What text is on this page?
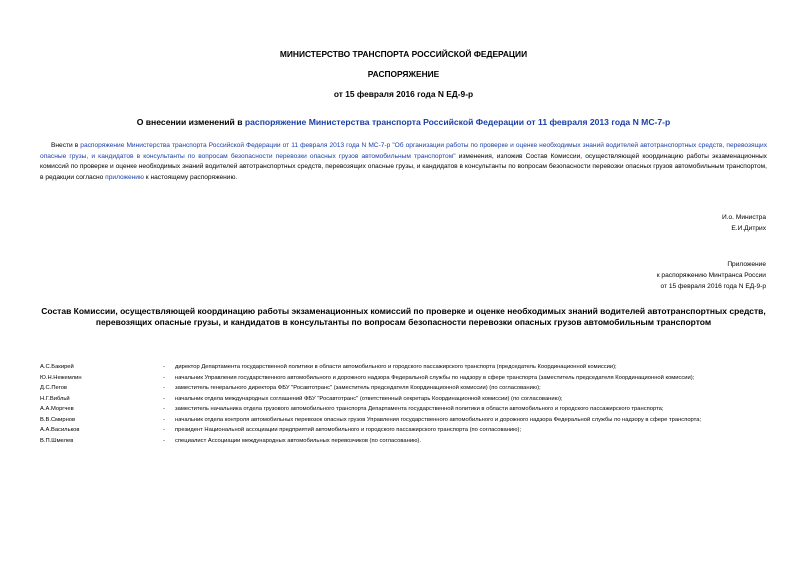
МИНИСТЕРСТВО ТРАНСПОРТА РОССИЙСКОЙ ФЕДЕРАЦИИ
РАСПОРЯЖЕНИЕ
от 15 февраля 2016 года N ЕД-9-р
О внесении изменений в распоряжение Министерства транспорта Российской Федерации от 11 февраля 2013 года N МС-7-р
Внести в распоряжение Министерства транспорта Российской Федерации от 11 февраля 2013 года N МС-7-р "Об организации работы по проверке и оценке необходимых знаний водителей автотранспортных средств, перевозящих опасные грузы, и кандидатов в консультанты по вопросам безопасности перевозки опасных грузов автомобильным транспортом" изменения, изложив Состав Комиссии, осуществляющей координацию работы экзаменационных комиссий по проверке и оценке необходимых знаний водителей автотранспортных средств, перевозящих опасные грузы, и кандидатов в консультанты по вопросам безопасности перевозки опасных грузов автомобильным транспортом, в редакции согласно приложению к настоящему распоряжению.
И.о. Министра
Е.И.Дитрих
Приложение
к распоряжению Минтранса России
от 15 февраля 2016 года N ЕД-9-р
Состав Комиссии, осуществляющей координацию работы экзаменационных комиссий по проверке и оценке необходимых знаний водителей автотранспортных средств, перевозящих опасные грузы, и кандидатов в консультанты по вопросам безопасности перевозки опасных грузов автомобильным транспортом
А.С.Бакирей	-	директор Департамента государственной политики в области автомобильного и городского пассажирского транспорта (председатель Координационной комиссии);
Ю.Н.Нежемлин	-	начальник Управления государственного автомобильного и дорожного надзора Федеральной службы по надзору в сфере транспорта (заместитель председателя Координационной комиссии);
Д.С.Пегов	-	заместитель генерального директора ФБУ "Росавтотранс" (заместитель председателя Координационной комиссии) (по согласованию);
Н.Г.Вибльй	-	начальник отдела международных соглашений ФБУ "Росавтотранс" (ответственный секретарь Координационной комиссии) (по согласованию);
А.А.Моргчев	-	заместитель начальника отдела грузового автомобильного транспорта Департамента государственной политики в области автомобильного и городского пассажирского транспорта;
В.В.Смирнов	-	начальник отдела контроля автомобильных перевозок опасных грузов Управления государственного автомобильного и дорожного надзора Федеральной службы по надзору в сфере транспорта;
А.А.Васильков	-	президент Национальной ассоциации предприятий автомобильного и городского пассажирского транспорта (по согласованию);
В.П.Шмелев	-	специалист Ассоциации международных автомобильных перевозчиков (по согласованию).
